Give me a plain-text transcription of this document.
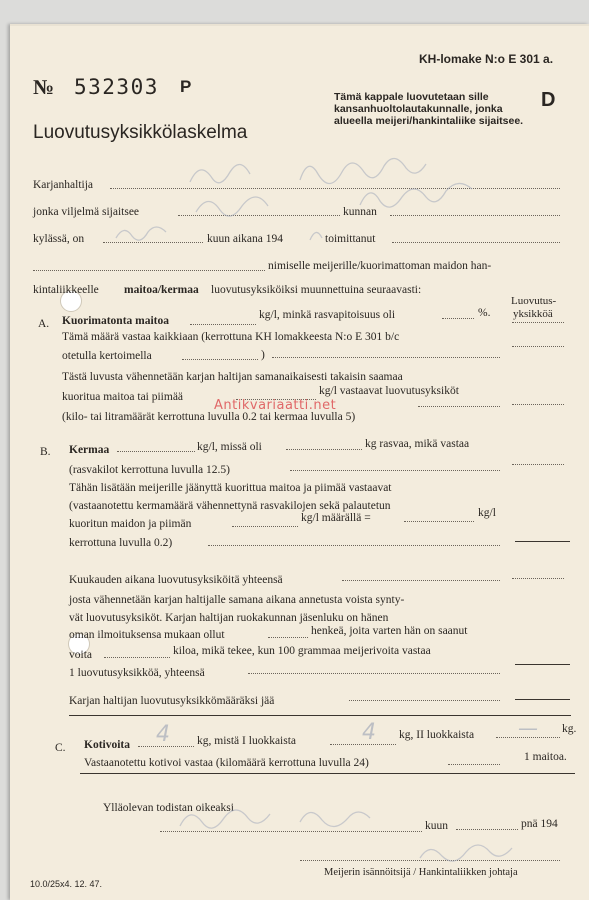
KH-lomake N:o E 301 a.
№ 532303 P
Tämä kappale luovutetaan sille
kansanhuoltolautakunnalle, jonka
alueella meijeri/hankintaliike sijaitsee.
D
Luovutusyksikkölaskelma
Karjanhaltija
jonka viljelmä sijaitsee	kunnan
kylässä, on	kuun aikana 194	toimittanut
nimiselle meijerille/kuorimattoman maidon han-
kintaliikkeelle maitoa/kermaa luovutusyksiköiksi muunnettuina seuraavasti:
Luovutus-
yksikköä
A. Kuorimatonta maitoa	kg/l, minkä rasvapitoisuus oli	%.
Tämä määrä vastaa kaikkiaan (kerrottuna KH lomakkeesta N:o E 301 b/c
otetulla kertoimella	)
Tästä luvusta vähennetään karjan haltijan samanaikaisesti takaisin saamaa
kuoritua maitoa tai piimää	kg/l vastaavat luovutusyksiköt
(kilo- tai litramäärät kerrottuna luvulla 0.2 tai kermaa luvulla 5)
B. Kermaa	kg/l, missä oli	kg rasvaa, mikä vastaa
(rasvakilot kerrottuna luvulla 12.5)
Tähän lisätään meijerille jäänyttä kuorittua maitoa ja piimää vastaavat
(vastaanotettu kermamäärä vähennettynä rasvakilojen sekä palautetun
kuoritun maidon ja piimän	kg/l määrällä =	kg/l
kerrottuna luvulla 0.2)
Kuukauden aikana luovutusyksiköitä yhteensä
josta vähennetään karjan haltijalle samana aikana annetusta voista synty-
vät luovutusyksiköt. Karjan haltijan ruokakunnan jäsenluku on hänen
oman ilmoituksensa mukaan ollut	henkeä, joita varten hän on saanut
voita	kiloa, mikä tekee, kun 100 grammaa meijerivoita vastaa
1 luovutusyksikköä, yhteensä
Karjan haltijan luovutusyksikkömääräksi jää
C. Kotivoita 4 kg, mistä I luokkaista	4 kg, II luokkaista — kg.
Vastaanotettu kotivoi vastaa (kilomäärä kerrottuna luvulla 24)	1 maitoa.
Ylläolevan todistan oikeaksi
kuun	pnä 194
Meijerin isännöitsijä / Hankintaliikken johtaja
10.0/25x4. 12. 47.
Antikvariaatti.net
